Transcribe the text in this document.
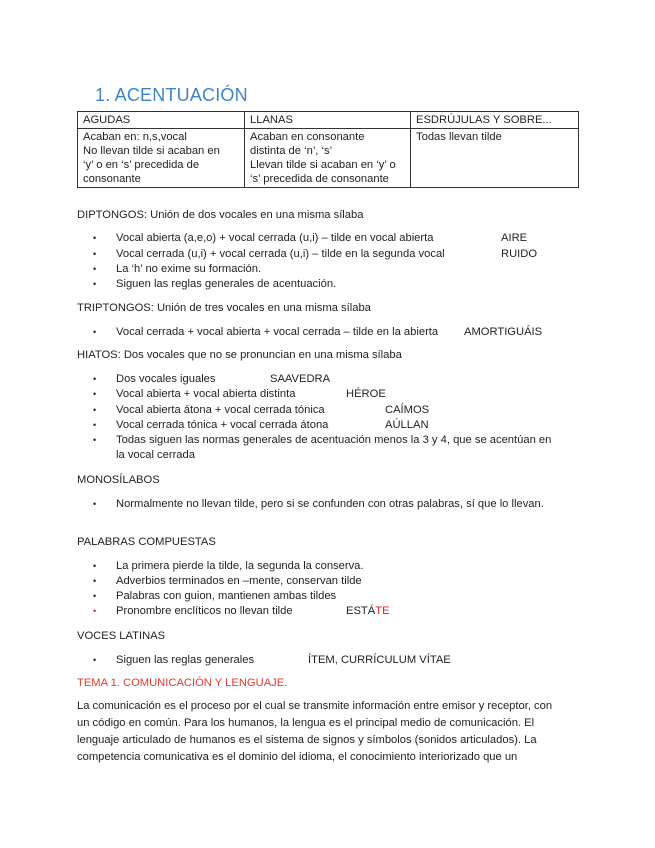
1. ACENTUACIÓN
AGUDAS	LLANAS	ESDRÚJULAS Y SOBRE...

Acaban en: n,s,vocal
No llevan tilde si acaban en
‘y’ o en ‘s’ precedida de
consonante	Acaban en consonante
distinta de ‘n’, ‘s’
Llevan tilde si acaban en ‘y’ o
‘s’ precedida de consonante	Todas llevan tilde
DIPTONGOS: Unión de dos vocales en una misma sílaba
• Vocal abierta (a,e,o) + vocal cerrada (u,i) – tilde en vocal abierta	AIRE
• Vocal cerrada (u,i) + vocal cerrada (u,i) – tilde en la segunda vocal	RUIDO
• La ‘h’ no exime su formación.
• Siguen las reglas generales de acentuación.
TRIPTONGOS: Unión de tres vocales en una misma sílaba
• Vocal cerrada + vocal abierta + vocal cerrada – tilde en la abierta AMORTIGUÁIS
HIATOS: Dos vocales que no se pronuncian en una misma sílaba
• Dos vocales iguales	SAAVEDRA
• Vocal abierta + vocal abierta distinta	HÉROE
• Vocal abierta átona + vocal cerrada tónica	CAÍMOS
• Vocal cerrada tónica + vocal cerrada átona	AÚLLAN
• Todas siguen las normas generales de acentuación menos la 3 y 4, que se acentúan en
la vocal cerrada
MONOSÍLABOS
• Normalmente no llevan tilde, pero si se confunden con otras palabras, sí que lo llevan.
PALABRAS COMPUESTAS
• La primera pierde la tilde, la segunda la conserva.
• Adverbios terminados en –mente, conservan tilde
• Palabras con guion, mantienen ambas tildes
• Pronombre enclíticos no llevan tilde	ESTÁTE
VOCES LATINAS
• Siguen las reglas generales	ÍTEM, CURRÍCULUM VÍTAE
TEMA 1. COMUNICACIÓN Y LENGUAJE.
La comunicación es el proceso por el cual se transmite información entre emisor y receptor, con
un código en común. Para los humanos, la lengua es el principal medio de comunicación. El
lenguaje articulado de humanos es el sistema de signos y símbolos (sonidos articulados). La
competencia comunicativa es el dominio del idioma, el conocimiento interiorizado que un
